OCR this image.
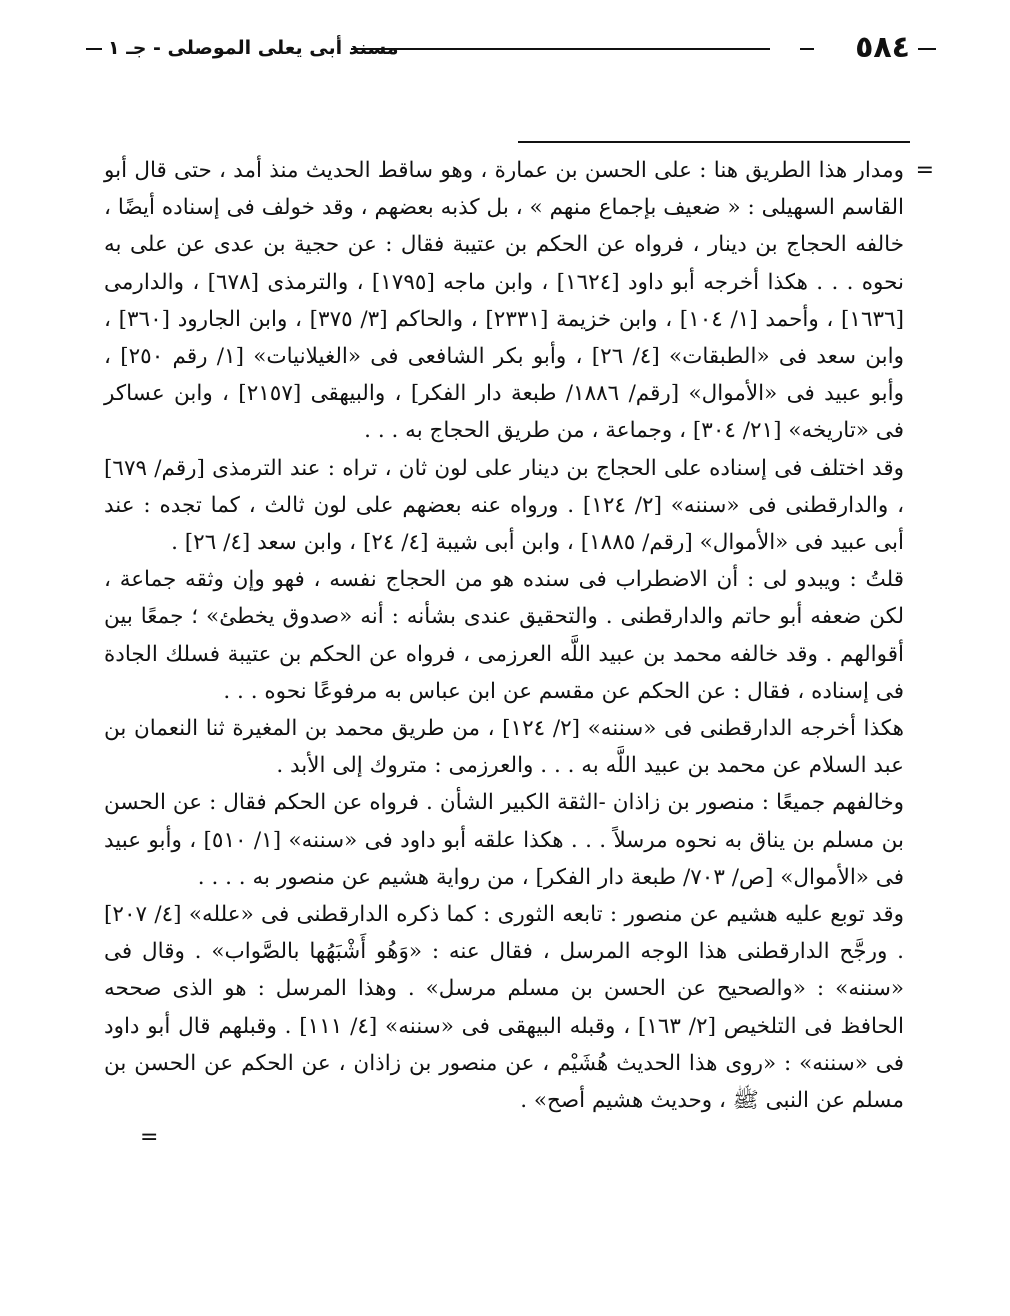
٥٨٤
مسند أبى يعلى الموصلى - جـ ١
=

ومدار هذا الطريق هنا : على الحسن بن عمارة ، وهو ساقط الحديث منذ أمد ، حتى قال أبو القاسم السهيلى : « ضعيف بإجماع منهم » ، بل كذبه بعضهم ، وقد خولف فى إسناده أيضًا ، خالفه الحجاج بن دينار ، فرواه عن الحكم بن عتيبة فقال : عن حجية بن عدى عن على به نحوه . . . هكذا أخرجه أبو داود [١٦٢٤] ، وابن ماجه [١٧٩٥] ، والترمذى [٦٧٨] ، والدارمى [١٦٣٦] ، وأحمد [١/ ١٠٤] ، وابن خزيمة [٢٣٣١] ، والحاكم [٣/ ٣٧٥] ، وابن الجارود [٣٦٠] ، وابن سعد فى «الطبقات» [٤/ ٢٦] ، وأبو بكر الشافعى فى «الغيلانيات» [١/ رقم ٢٥٠] ، وأبو عبيد فى «الأموال» [رقم/ ١٨٨٦/ طبعة دار الفكر] ، والبيهقى [٢١٥٧] ، وابن عساكر فى «تاريخه» [٢١/ ٣٠٤] ، وجماعة ، من طريق الحجاج به . . .

وقد اختلف فى إسناده على الحجاج بن دينار على لون ثان ، تراه : عند الترمذى [رقم/ ٦٧٩] ، والدارقطنى فى «سننه» [٢/ ١٢٤] . ورواه عنه بعضهم على لون ثالث ، كما تجده : عند أبى عبيد فى «الأموال» [رقم/ ١٨٨٥] ، وابن أبى شيبة [٤/ ٢٤] ، وابن سعد [٤/ ٢٦] .

قلتُ : ويبدو لى : أن الاضطراب فى سنده هو من الحجاج نفسه ، فهو وإن وثقه جماعة ، لكن ضعفه أبو حاتم والدارقطنى . والتحقيق عندى بشأنه : أنه «صدوق يخطئ» ؛ جمعًا بين أقوالهم . وقد خالفه محمد بن عبيد اللَّه العرزمى ، فرواه عن الحكم بن عتيبة فسلك الجادة فى إسناده ، فقال : عن الحكم عن مقسم عن ابن عباس به مرفوعًا نحوه . . .

هكذا أخرجه الدارقطنى فى «سننه» [٢/ ١٢٤] ، من طريق محمد بن المغيرة ثنا النعمان بن عبد السلام عن محمد بن عبيد اللَّه به . . . والعرزمى : متروك إلى الأبد .

وخالفهم جميعًا : منصور بن زاذان -الثقة الكبير الشأن . فرواه عن الحكم فقال : عن الحسن بن مسلم بن يناق به نحوه مرسلاً . . . هكذا علقه أبو داود فى «سننه» [١/ ٥١٠] ، وأبو عبيد فى «الأموال» [ص/ ٧٠٣/ طبعة دار الفكر] ، من رواية هشيم عن منصور به . . . .

وقد توبع عليه هشيم عن منصور : تابعه الثورى : كما ذكره الدارقطنى فى «علله» [٤/ ٢٠٧] . ورجَّح الدارقطنى هذا الوجه المرسل ، فقال عنه : «وَهُو أَشْبَهُها بالصَّواب» . وقال فى «سننه» : «والصحيح عن الحسن بن مسلم مرسل» . وهذا المرسل : هو الذى صححه الحافظ فى التلخيص [٢/ ١٦٣] ، وقبله البيهقى فى «سننه» [٤/ ١١١] . وقبلهم قال أبو داود فى «سننه» : «روى هذا الحديث هُشَيْم ، عن منصور بن زاذان ، عن الحكم عن الحسن بن مسلم عن النبى ﷺ ، وحديث هشيم أصح» .

=
